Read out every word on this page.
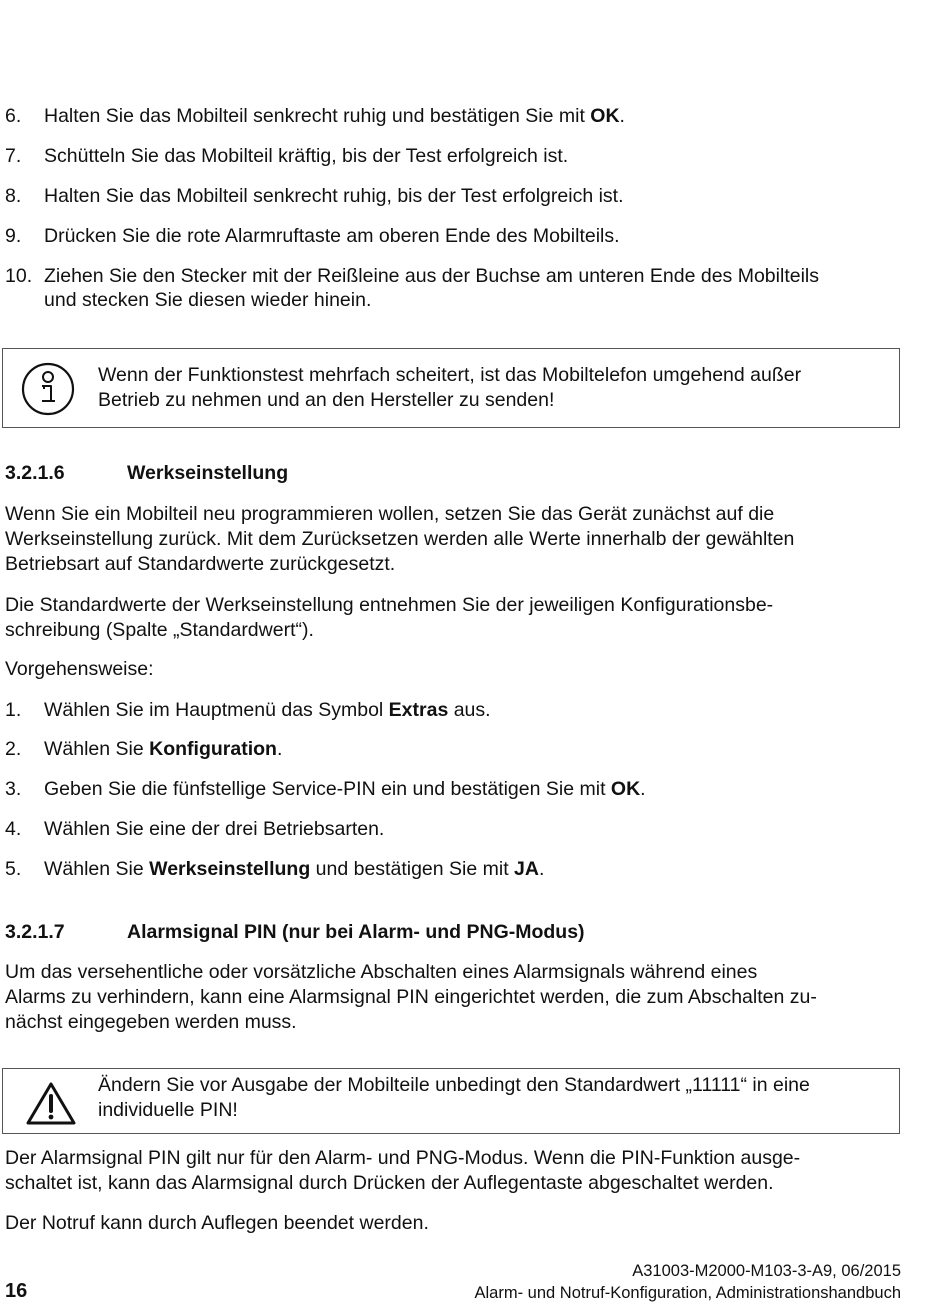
6. Halten Sie das Mobilteil senkrecht ruhig und bestätigen Sie mit OK.
7. Schütteln Sie das Mobilteil kräftig, bis der Test erfolgreich ist.
8. Halten Sie das Mobilteil senkrecht ruhig, bis der Test erfolgreich ist.
9. Drücken Sie die rote Alarmruftaste am oberen Ende des Mobilteils.
10. Ziehen Sie den Stecker mit der Reißleine aus der Buchse am unteren Ende des Mobilteils
und stecken Sie diesen wieder hinein.
Wenn der Funktionstest mehrfach scheitert, ist das Mobiltelefon umgehend außer
Betrieb zu nehmen und an den Hersteller zu senden!
3.2.1.6	Werkseinstellung
Wenn Sie ein Mobilteil neu programmieren wollen, setzen Sie das Gerät zunächst auf die
Werkseinstellung zurück. Mit dem Zurücksetzen werden alle Werte innerhalb der gewählten
Betriebsart auf Standardwerte zurückgesetzt.
Die Standardwerte der Werkseinstellung entnehmen Sie der jeweiligen Konfigurationsbe-
schreibung (Spalte „Standardwert“).
Vorgehensweise:
1. Wählen Sie im Hauptmenü das Symbol Extras aus.
2. Wählen Sie Konfiguration.
3. Geben Sie die fünfstellige Service-PIN ein und bestätigen Sie mit OK.
4. Wählen Sie eine der drei Betriebsarten.
5. Wählen Sie Werkseinstellung und bestätigen Sie mit JA.
3.2.1.7	Alarmsignal PIN (nur bei Alarm- und PNG-Modus)
Um das versehentliche oder vorsätzliche Abschalten eines Alarmsignals während eines
Alarms zu verhindern, kann eine Alarmsignal PIN eingerichtet werden, die zum Abschalten zu-
nächst eingegeben werden muss.
Ändern Sie vor Ausgabe der Mobilteile unbedingt den Standardwert „11111“ in eine
individuelle PIN!
Der Alarmsignal PIN gilt nur für den Alarm- und PNG-Modus. Wenn die PIN-Funktion ausge-
schaltet ist, kann das Alarmsignal durch Drücken der Auflegentaste abgeschaltet werden.
Der Notruf kann durch Auflegen beendet werden.
A31003-M2000-M103-3-A9, 06/2015
Alarm- und Notruf-Konfiguration, Administrationshandbuch
16
